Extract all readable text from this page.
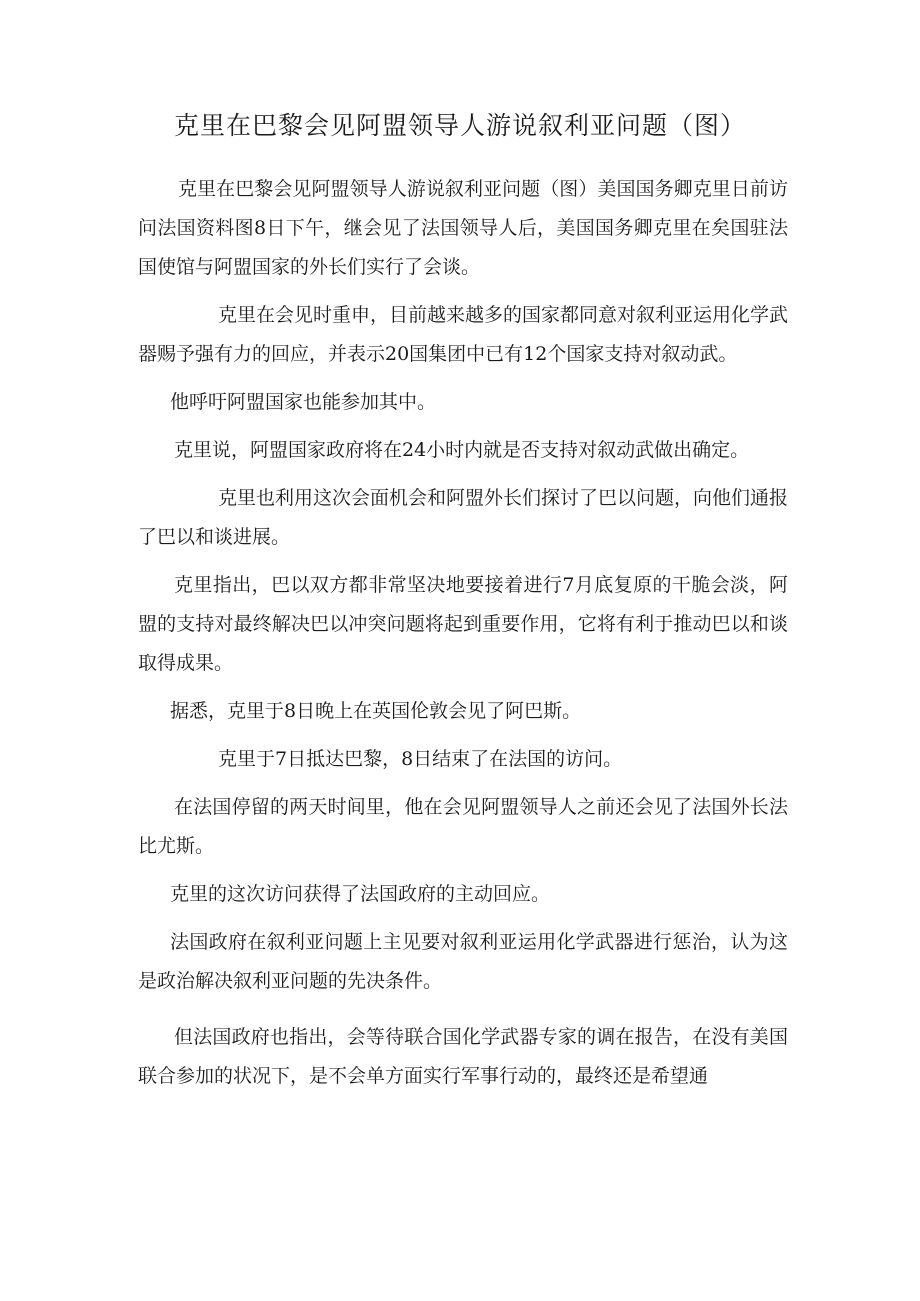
克里在巴黎会见阿盟领导人游说叙利亚问题（图）

克里在巴黎会见阿盟领导人游说叙利亚问题（图）美国国务卿克里日前访问法国资料图8日下午，继会见了法国领导人后，美国国务卿克里在矣国驻法国使馆与阿盟国家的外长们实行了会谈。

克里在会见时重申，目前越来越多的国家都同意对叙利亚运用化学武器赐予强有力的回应，并表示20国集团中已有12个国家支持对叙动武。

他呼吁阿盟国家也能参加其中。

克里说，阿盟国家政府将在24小时内就是否支持对叙动武做出确定。

克里也利用这次会面机会和阿盟外长们探讨了巴以问题，向他们通报了巴以和谈进展。

克里指出，巴以双方都非常坚决地要接着进行7月底复原的干脆会淡，阿盟的支持对最终解决巴以冲突问题将起到重要作用，它将有利于推动巴以和谈取得成果。

据悉，克里于8日晚上在英国伦敦会见了阿巴斯。

克里于7日抵达巴黎，8日结束了在法国的访问。

在法国停留的两天时间里，他在会见阿盟领导人之前还会见了法国外长法比尤斯。

克里的这次访问获得了法国政府的主动回应。

法国政府在叙利亚问题上主见要对叙利亚运用化学武器进行惩治，认为这是政治解决叙利亚问题的先决条件。

但法国政府也指出，会等待联合国化学武器专家的调在报告，在没有美国联合参加的状况下，是不会单方面实行军事行动的，最终还是希望通
